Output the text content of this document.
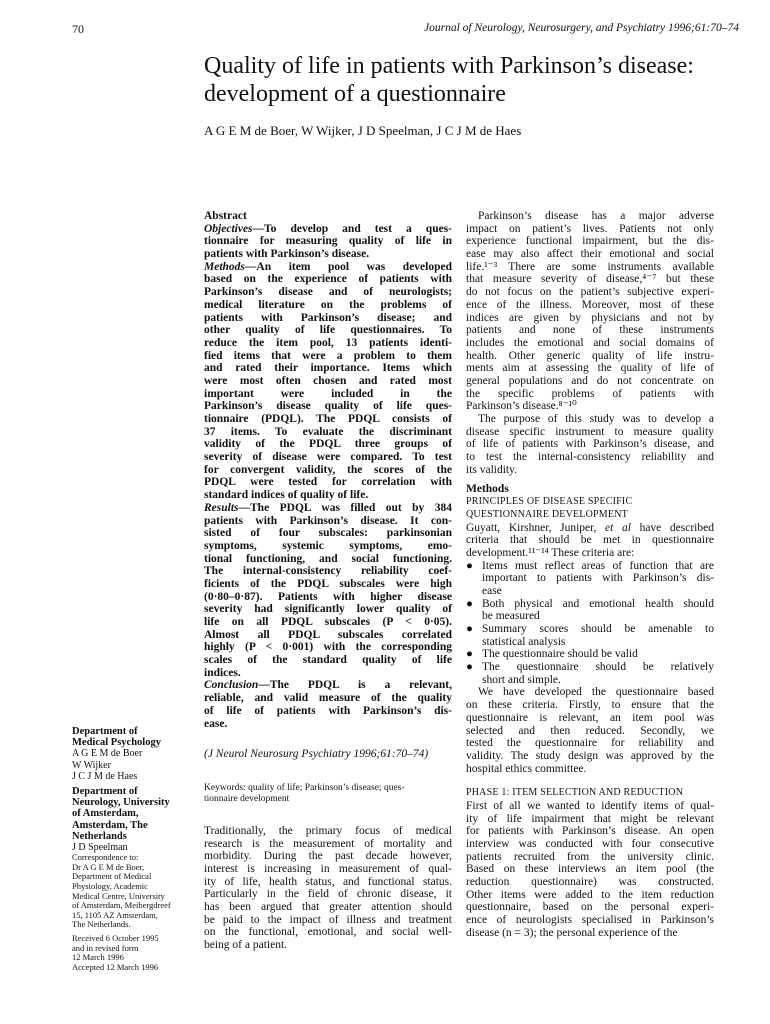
70	Journal of Neurology, Neurosurgery, and Psychiatry 1996;61:70–74
Quality of life in patients with Parkinson’s disease:
development of a questionnaire
A G E M de Boer, W Wijker, J D Speelman, J C J M de Haes
Abstract
Objectives—To develop and test a ques-
tionnaire for measuring quality of life in
patients with Parkinson’s disease.
Methods—An item pool was developed
based on the experience of patients with
Parkinson’s disease and of neurologists;
medical literature on the problems of
patients with Parkinson’s disease; and
other quality of life questionnaires. To
reduce the item pool, 13 patients identi-
fied items that were a problem to them
and rated their importance. Items which
were most often chosen and rated most
important were included in the
Parkinson’s disease quality of life ques-
tionnaire (PDQL). The PDQL consists of
37 items. To evaluate the discriminant
validity of the PDQL three groups of
severity of disease were compared. To test
for convergent validity, the scores of the
PDQL were tested for correlation with
standard indices of quality of life.
Results—The PDQL was filled out by 384
patients with Parkinson’s disease. It con-
sisted of four subscales: parkinsonian
symptoms, systemic symptoms, emo-
tional functioning, and social functioning.
The internal-consistency reliability coef-
ficients of the PDQL subscales were high
(0·80–0·87). Patients with higher disease
severity had significantly lower quality of
life on all PDQL subscales (P < 0·05).
Almost all PDQL subscales correlated
highly (P < 0·001) with the corresponding
scales of the standard quality of life
indices.
Conclusion—The PDQL is a relevant,
reliable, and valid measure of the quality
of life of patients with Parkinson’s dis-
ease.
(J Neurol Neurosurg Psychiatry 1996;61:70–74)
Keywords: quality of life; Parkinson’s disease; ques-
tionnaire development
Traditionally, the primary focus of medical
research is the measurement of mortality and
morbidity. During the past decade however,
interest is increasing in measurement of qual-
ity of life, health status, and functional status.
Particularly in the field of chronic disease, it
has been argued that greater attention should
be paid to the impact of illness and treatment
on the functional, emotional, and social well-
being of a patient.
Parkinson’s disease has a major adverse
impact on patient’s lives. Patients not only
experience functional impairment, but the dis-
ease may also affect their emotional and social
life.¹⁻³ There are some instruments available
that measure severity of disease,⁴⁻⁷ but these
do not focus on the patient’s subjective experi-
ence of the illness. Moreover, most of these
indices are given by physicians and not by
patients and none of these instruments
includes the emotional and social domains of
health. Other generic quality of life instru-
ments aim at assessing the quality of life of
general populations and do not concentrate on
the specific problems of patients with
Parkinson’s disease.⁸⁻¹⁰
The purpose of this study was to develop a
disease specific instrument to measure quality
of life of patients with Parkinson’s disease, and
to test the internal-consistency reliability and
its validity.
Methods
PRINCIPLES OF DISEASE SPECIFIC
QUESTIONNAIRE DEVELOPMENT
Guyatt, Kirshner, Juniper, et al have described
criteria that should be met in questionnaire
development.¹¹⁻¹⁴ These criteria are:
● Items must reflect areas of function that are
important to patients with Parkinson’s dis-
ease
● Both physical and emotional health should
be measured
● Summary scores should be amenable to
statistical analysis
● The questionnaire should be valid
● The questionnaire should be relatively
short and simple.
We have developed the questionnaire based
on these criteria. Firstly, to ensure that the
questionnaire is relevant, an item pool was
selected and then reduced. Secondly, we
tested the questionnaire for reliability and
validity. The study design was approved by the
hospital ethics committee.
PHASE 1: ITEM SELECTION AND REDUCTION
First of all we wanted to identify items of qual-
ity of life impairment that might be relevant
for patients with Parkinson’s disease. An open
interview was conducted with four consecutive
patients recruited from the university clinic.
Based on these interviews an item pool (the
reduction questionnaire) was constructed.
Other items were added to the item reduction
questionnaire, based on the personal experi-
ence of neurologists specialised in Parkinson’s
disease (n = 3); the personal experience of the
Department of
Medical Psychology
A G E M de Boer
W Wijker
J C J M de Haes
Department of
Neurology, University
of Amsterdam,
Amsterdam, The
Netherlands
J D Speelman
Correspondence to:
Dr A G E M de Boer,
Department of Medical
Physiology, Academic
Medical Centre, University
of Amsterdam, Meibergdreef
15, 1105 AZ Amsterdam,
The Netherlands.
Received 6 October 1995
and in revised form
12 March 1996
Accepted 12 March 1996
